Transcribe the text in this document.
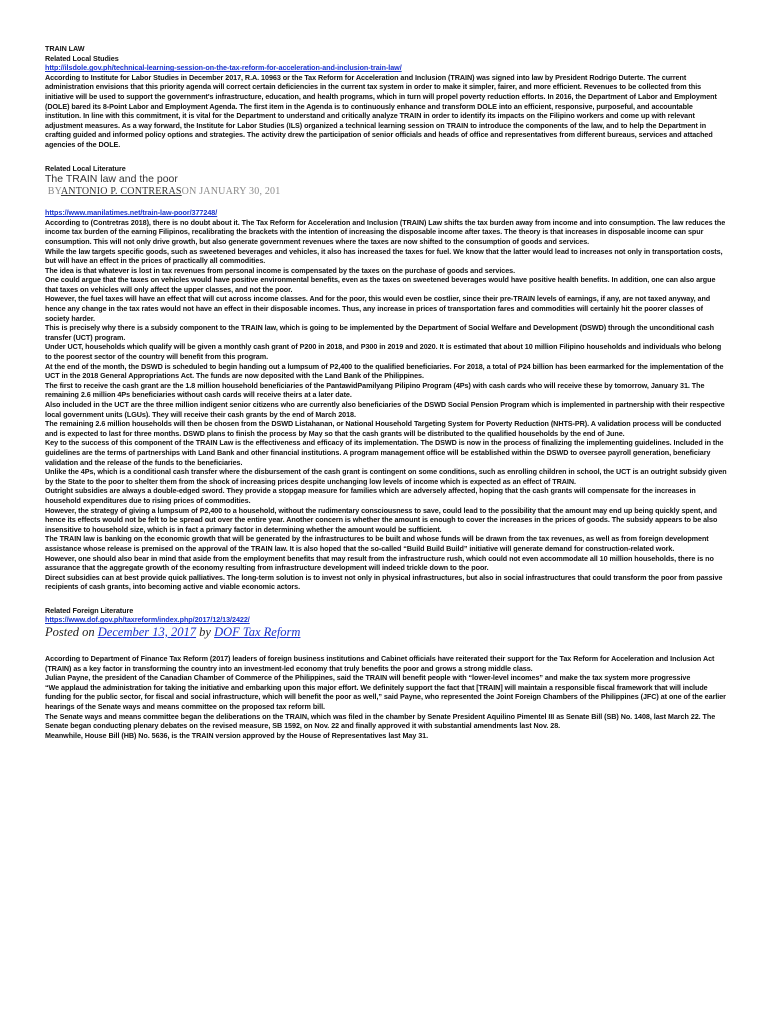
TRAIN LAW

Related Local Studies

http://ilsdole.gov.ph/technical-learning-session-on-the-tax-reform-for-acceleration-and-inclusion-train-law/

According to Institute for Labor Studies in December 2017, R.A. 10963 or the Tax Reform for Acceleration and Inclusion (TRAIN) was signed into law by President Rodrigo Duterte. The current administration envisions that this priority agenda will correct certain deficiencies in the current tax system in order to make it simpler, fairer, and more efficient. Revenues to be collected from this initiative will be used to support the government's infrastructure, education, and health programs, which in turn will propel poverty reduction efforts. In 2016, the Department of Labor and Employment (DOLE) bared its 8-Point Labor and Employment Agenda. The first item in the Agenda is to continuously enhance and transform DOLE into an efficient, responsive, purposeful, and accountable institution. In line with this commitment, it is vital for the Department to understand and critically analyze TRAIN in order to identify its impacts on the Filipino workers and come up with relevant adjustment measures. As a way forward, the Institute for Labor Studies (ILS) organized a technical learning session on TRAIN to introduce the components of the law, and to help the Department in crafting guided and informed policy options and strategies. The activity drew the participation of senior officials and heads of office and representatives from different bureaus, services and attached agencies of the DOLE.

Related Local Literature

The TRAIN law and the poor

BYANTONIO P. CONTRERASON JANUARY 30, 201

https://www.manilatimes.net/train-law-poor/377248/

According to (Contretras 2018), there is no doubt about it. The Tax Reform for Acceleration and Inclusion (TRAIN) Law shifts the tax burden away from income and into consumption. The law reduces the income tax burden of the earning Filipinos, recalibrating the brackets with the intention of increasing the disposable income after taxes. The theory is that increases in disposable income can spur consumption. This will not only drive growth, but also generate government revenues where the taxes are now shifted to the consumption of goods and services.

While the law targets specific goods, such as sweetened beverages and vehicles, it also has increased the taxes for fuel. We know that the latter would lead to increases not only in transportation costs, but will have an effect in the prices of practically all commodities.

The idea is that whatever is lost in tax revenues from personal income is compensated by the taxes on the purchase of goods and services.

One could argue that the taxes on vehicles would have positive environmental benefits, even as the taxes on sweetened beverages would have positive health benefits. In addition, one can also argue that taxes on vehicles will only affect the upper classes, and not the poor.

However, the fuel taxes will have an effect that will cut across income classes. And for the poor, this would even be costlier, since their pre-TRAIN levels of earnings, if any, are not taxed anyway, and hence any change in the tax rates would not have an effect in their disposable incomes. Thus, any increase in prices of transportation fares and commodities will certainly hit the poorer classes of society harder.

This is precisely why there is a subsidy component to the TRAIN law, which is going to be implemented by the Department of Social Welfare and Development (DSWD) through the unconditional cash transfer (UCT) program.

Under UCT, households which qualify will be given a monthly cash grant of P200 in 2018, and P300 in 2019 and 2020. It is estimated that about 10 million Filipino households and individuals who belong to the poorest sector of the country will benefit from this program.

At the end of the month, the DSWD is scheduled to begin handing out a lumpsum of P2,400 to the qualified beneficiaries. For 2018, a total of P24 billion has been earmarked for the implementation of the UCT in the 2018 General Appropriations Act. The funds are now deposited with the Land Bank of the Philippines.

The first to receive the cash grant are the 1.8 million household beneficiaries of the PantawidPamilyang Pilipino Program (4Ps) with cash cards who will receive these by tomorrow, January 31. The remaining 2.6 million 4Ps beneficiaries without cash cards will receive theirs at a later date.

Also included in the UCT are the three million indigent senior citizens who are currently also beneficiaries of the DSWD Social Pension Program which is implemented in partnership with their respective local government units (LGUs). They will receive their cash grants by the end of March 2018.

The remaining 2.6 million households will then be chosen from the DSWD Listahanan, or National Household Targeting System for Poverty Reduction (NHTS-PR). A validation process will be conducted and is expected to last for three months. DSWD plans to finish the process by May so that the cash grants will be distributed to the qualified households by the end of June.

Key to the success of this component of the TRAIN Law is the effectiveness and efficacy of its implementation. The DSWD is now in the process of finalizing the implementing guidelines. Included in the guidelines are the terms of partnerships with Land Bank and other financial institutions. A program management office will be established within the DSWD to oversee payroll generation, beneficiary validation and the release of the funds to the beneficiaries.

Unlike the 4Ps, which is a conditional cash transfer where the disbursement of the cash grant is contingent on some conditions, such as enrolling children in school, the UCT is an outright subsidy given by the State to the poor to shelter them from the shock of increasing prices despite unchanging low levels of income which is expected as an effect of TRAIN.

Outright subsidies are always a double-edged sword. They provide a stopgap measure for families which are adversely affected, hoping that the cash grants will compensate for the increases in household expenditures due to rising prices of commodities.

However, the strategy of giving a lumpsum of P2,400 to a household, without the rudimentary consciousness to save, could lead to the possibility that the amount may end up being quickly spent, and hence its effects would not be felt to be spread out over the entire year. Another concern is whether the amount is enough to cover the increases in the prices of goods. The subsidy appears to be also insensitive to household size, which is in fact a primary factor in determining whether the amount would be sufficient.

The TRAIN law is banking on the economic growth that will be generated by the infrastructures to be built and whose funds will be drawn from the tax revenues, as well as from foreign development assistance whose release is premised on the approval of the TRAIN law. It is also hoped that the so-called “Build Build Build” initiative will generate demand for construction-related work.

However, one should also bear in mind that aside from the employment benefits that may result from the infrastructure rush, which could not even accommodate all 10 million households, there is no assurance that the aggregate growth of the economy resulting from infrastructure development will indeed trickle down to the poor.

Direct subsidies can at best provide quick palliatives. The long-term solution is to invest not only in physical infrastructures, but also in social infrastructures that could transform the poor from passive recipients of cash grants, into becoming active and viable economic actors.

Related Foreign Literature

https://www.dof.gov.ph/taxreform/index.php/2017/12/13/2422/

Posted on December 13, 2017 by DOF Tax Reform

According to Department of Finance Tax Reform (2017) leaders of foreign business institutions and Cabinet officials have reiterated their support for the Tax Reform for Acceleration and Inclusion Act (TRAIN) as a key factor in transforming the country into an investment-led economy that truly benefits the poor and grows a strong middle class.

Julian Payne, the president of the Canadian Chamber of Commerce of the Philippines, said the TRAIN will benefit people with “lower-level incomes” and make the tax system more progressive

“We applaud the administration for taking the initiative and embarking upon this major effort. We definitely support the fact that [TRAIN] will maintain a responsible fiscal framework that will include funding for the public sector, for fiscal and social infrastructure, which will benefit the poor as well,” said Payne, who represented the Joint Foreign Chambers of the Philippines (JFC) at one of the earlier hearings of the Senate ways and means committee on the proposed tax reform bill.

The Senate ways and means committee began the deliberations on the TRAIN, which was filed in the chamber by Senate President Aquilino Pimentel III as Senate Bill (SB) No. 1408, last March 22. The Senate began conducting plenary debates on the revised measure, SB 1592, on Nov. 22 and finally approved it with substantial amendments last Nov. 28.

Meanwhile, House Bill (HB) No. 5636, is the TRAIN version approved by the House of Representatives last May 31.
